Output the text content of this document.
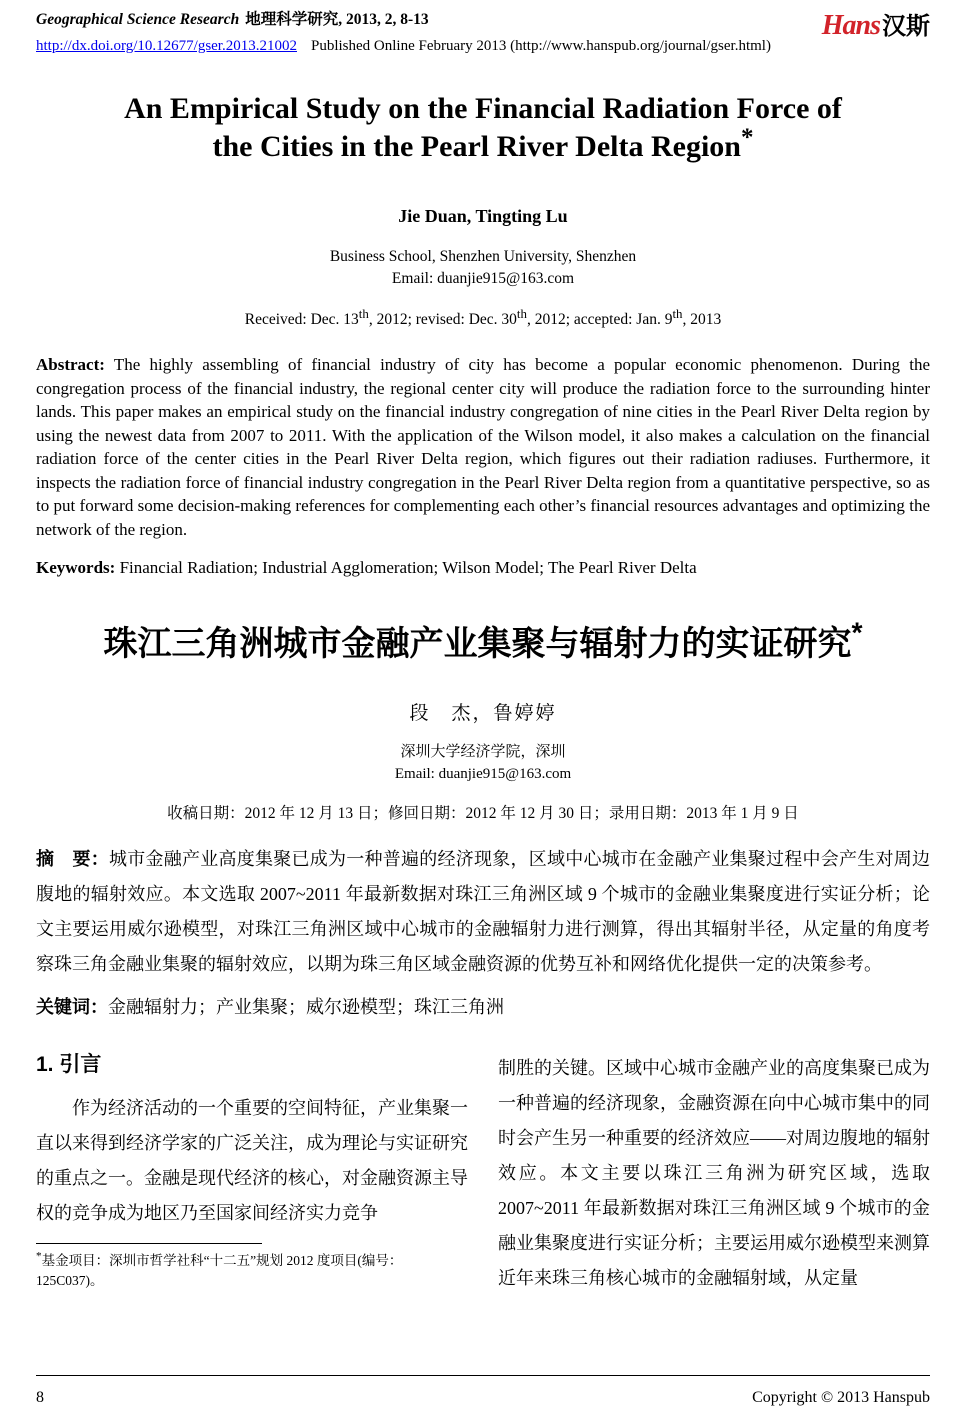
Geographical Science Research 地理科学研究, 2013, 2, 8-13
http://dx.doi.org/10.12677/gser.2013.21002 Published Online February 2013 (http://www.hanspub.org/journal/gser.html)
Hans汉斯
An Empirical Study on the Financial Radiation Force of
the Cities in the Pearl River Delta Region*

Jie Duan, Tingting Lu

Business School, Shenzhen University, Shenzhen

Email: duanjie915@163.com

Received: Dec. 13th, 2012; revised: Dec. 30th, 2012; accepted: Jan. 9th, 2013

Abstract: The highly assembling of financial industry of city has become a popular economic phenomenon. During the congregation process of the financial industry, the regional center city will produce the radiation force to the surrounding hinter lands. This paper makes an empirical study on the financial industry congregation of nine cities in the Pearl River Delta region by using the newest data from 2007 to 2011. With the application of the Wilson model, it also makes a calculation on the financial radiation force of the center cities in the Pearl River Delta region, which figures out their radiation radiuses. Furthermore, it inspects the radiation force of financial industry congregation in the Pearl River Delta region from a quantitative perspective, so as to put forward some decision-making references for complementing each other’s financial resources advantages and optimizing the network of the region.

Keywords: Financial Radiation; Industrial Agglomeration; Wilson Model; The Pearl River Delta

珠江三角洲城市金融产业集聚与辐射力的实证研究*

段　杰，鲁婷婷

深圳大学经济学院，深圳

Email: duanjie915@163.com

收稿日期：2012 年 12 月 13 日；修回日期：2012 年 12 月 30 日；录用日期：2013 年 1 月 9 日

摘　要：城市金融产业高度集聚已成为一种普遍的经济现象，区域中心城市在金融产业集聚过程中会产生对周边腹地的辐射效应。本文选取 2007~2011 年最新数据对珠江三角洲区域 9 个城市的金融业集聚度进行实证分析；论文主要运用威尔逊模型，对珠江三角洲区域中心城市的金融辐射力进行测算，得出其辐射半径，从定量的角度考察珠三角金融业集聚的辐射效应，以期为珠三角区域金融资源的优势互补和网络优化提供一定的决策参考。

关键词：金融辐射力；产业集聚；威尔逊模型；珠江三角洲

1. 引言

作为经济活动的一个重要的空间特征，产业集聚一直以来得到经济学家的广泛关注，成为理论与实证研究的重点之一。金融是现代经济的核心，对金融资源主导权的竞争成为地区乃至国家间经济实力竞争

*基金项目：深圳市哲学社科“十二五”规划 2012 度项目(编号：125C037)。

制胜的关键。区域中心城市金融产业的高度集聚已成为一种普遍的经济现象，金融资源在向中心城市集中的同时会产生另一种重要的经济效应——对周边腹地的辐射效应。本文主要以珠江三角洲为研究区域，选取 2007~2011 年最新数据对珠江三角洲区域 9 个城市的金融业集聚度进行实证分析；主要运用威尔逊模型来测算近年来珠三角核心城市的金融辐射域，从定量

8	Copyright © 2013 Hanspub
